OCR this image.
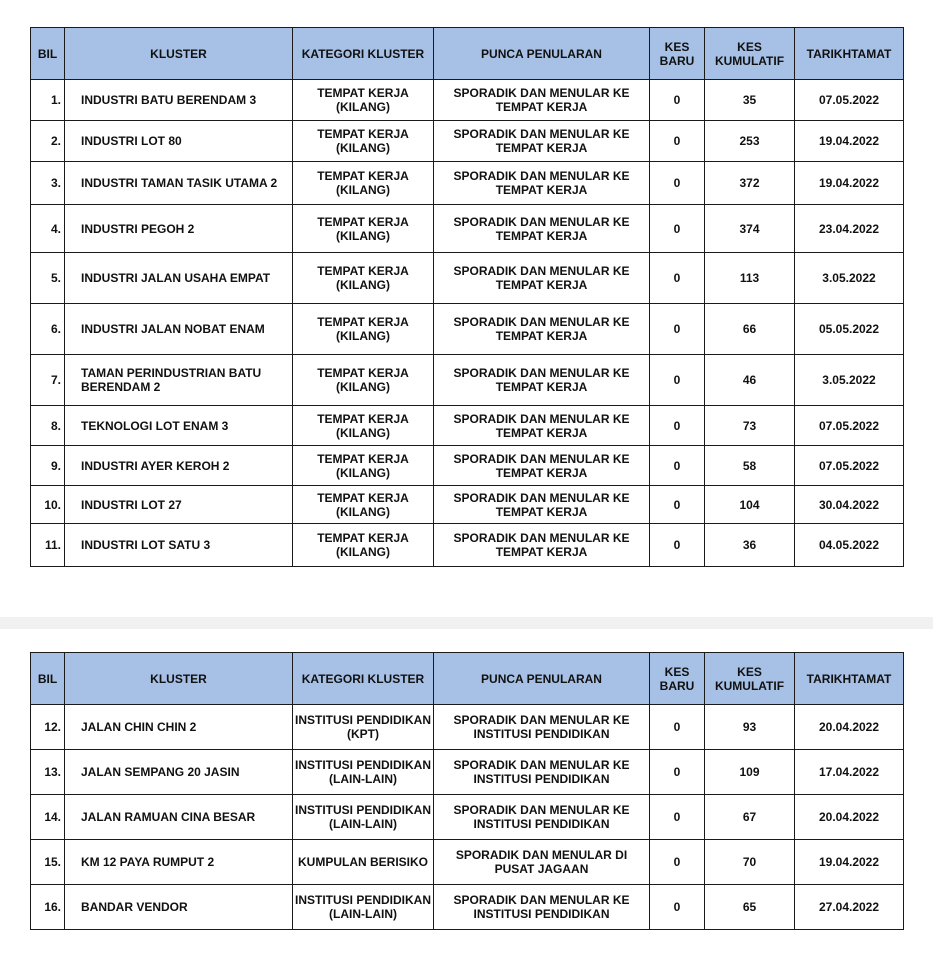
BIL	KLUSTER	KATEGORI KLUSTER	PUNCA PENULARAN	KES BARU	KES KUMULATIF	TARIKHTAMAT
1.	INDUSTRI BATU BERENDAM 3	TEMPAT KERJA (KILANG)	SPORADIK DAN MENULAR KE TEMPAT KERJA	0	35	07.05.2022
2.	INDUSTRI LOT 80	TEMPAT KERJA (KILANG)	SPORADIK DAN MENULAR KE TEMPAT KERJA	0	253	19.04.2022
3.	INDUSTRI TAMAN TASIK UTAMA 2	TEMPAT KERJA (KILANG)	SPORADIK DAN MENULAR KE TEMPAT KERJA	0	372	19.04.2022
4.	INDUSTRI PEGOH 2	TEMPAT KERJA (KILANG)	SPORADIK DAN MENULAR KE TEMPAT KERJA	0	374	23.04.2022
5.	INDUSTRI JALAN USAHA EMPAT	TEMPAT KERJA (KILANG)	SPORADIK DAN MENULAR KE TEMPAT KERJA	0	113	3.05.2022
6.	INDUSTRI JALAN NOBAT ENAM	TEMPAT KERJA (KILANG)	SPORADIK DAN MENULAR KE TEMPAT KERJA	0	66	05.05.2022
7.	TAMAN PERINDUSTRIAN BATU BERENDAM 2	TEMPAT KERJA (KILANG)	SPORADIK DAN MENULAR KE TEMPAT KERJA	0	46	3.05.2022
8.	TEKNOLOGI LOT ENAM 3	TEMPAT KERJA (KILANG)	SPORADIK DAN MENULAR KE TEMPAT KERJA	0	73	07.05.2022
9.	INDUSTRI AYER KEROH 2	TEMPAT KERJA (KILANG)	SPORADIK DAN MENULAR KE TEMPAT KERJA	0	58	07.05.2022
10.	INDUSTRI LOT 27	TEMPAT KERJA (KILANG)	SPORADIK DAN MENULAR KE TEMPAT KERJA	0	104	30.04.2022
11.	INDUSTRI LOT SATU 3	TEMPAT KERJA (KILANG)	SPORADIK DAN MENULAR KE TEMPAT KERJA	0	36	04.05.2022
BIL	KLUSTER	KATEGORI KLUSTER	PUNCA PENULARAN	KES BARU	KES KUMULATIF	TARIKHTAMAT
12.	JALAN CHIN CHIN 2	INSTITUSI PENDIDIKAN (KPT)	SPORADIK DAN MENULAR KE INSTITUSI PENDIDIKAN	0	93	20.04.2022
13.	JALAN SEMPANG 20 JASIN	INSTITUSI PENDIDIKAN (LAIN-LAIN)	SPORADIK DAN MENULAR KE INSTITUSI PENDIDIKAN	0	109	17.04.2022
14.	JALAN RAMUAN CINA BESAR	INSTITUSI PENDIDIKAN (LAIN-LAIN)	SPORADIK DAN MENULAR KE INSTITUSI PENDIDIKAN	0	67	20.04.2022
15.	KM 12 PAYA RUMPUT 2	KUMPULAN BERISIKO	SPORADIK DAN MENULAR DI PUSAT JAGAAN	0	70	19.04.2022
16.	BANDAR VENDOR	INSTITUSI PENDIDIKAN (LAIN-LAIN)	SPORADIK DAN MENULAR KE INSTITUSI PENDIDIKAN	0	65	27.04.2022
